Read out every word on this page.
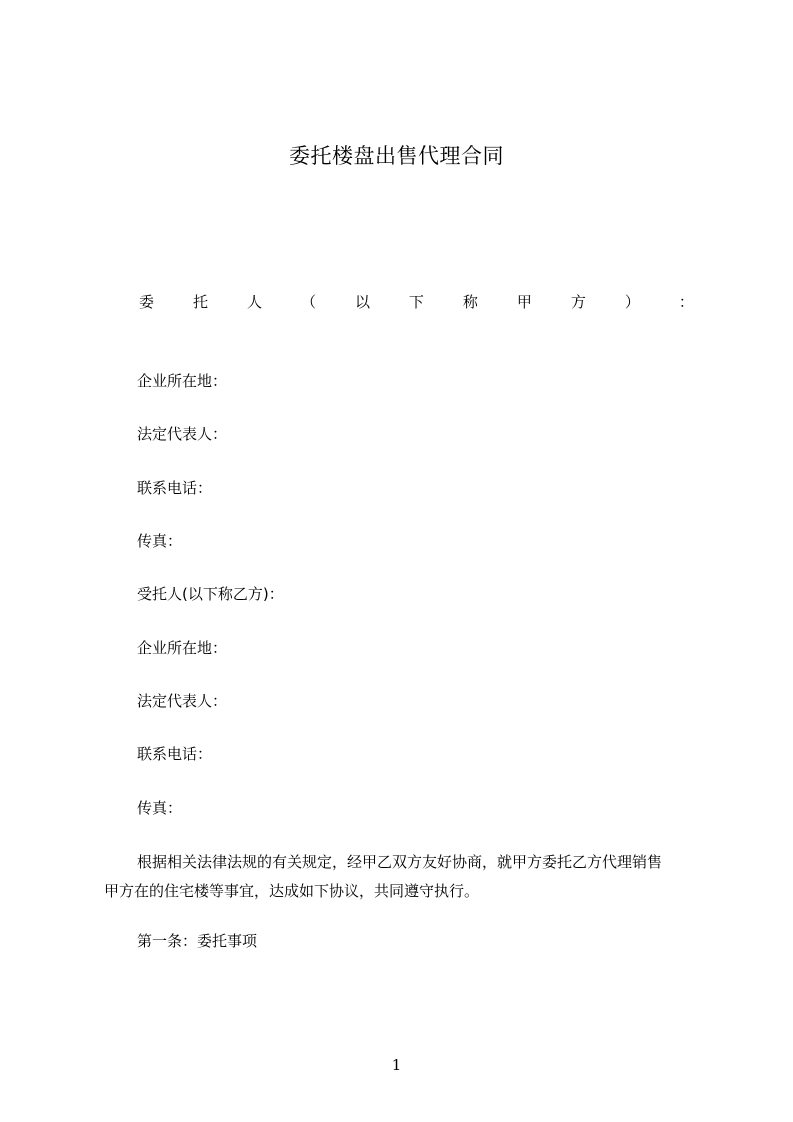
委托楼盘出售代理合同
委	托	人	（	以	下	称	甲	方	）	：
企业所在地：
法定代表人：
联系电话：
传真：
受托人(以下称乙方)：
企业所在地：
法定代表人：
联系电话：
传真：
根据相关法律法规的有关规定，经甲乙双方友好协商，就甲方委托乙方代理销售
甲方在的住宅楼等事宜，达成如下协议，共同遵守执行。
第一条：委托事项
1
